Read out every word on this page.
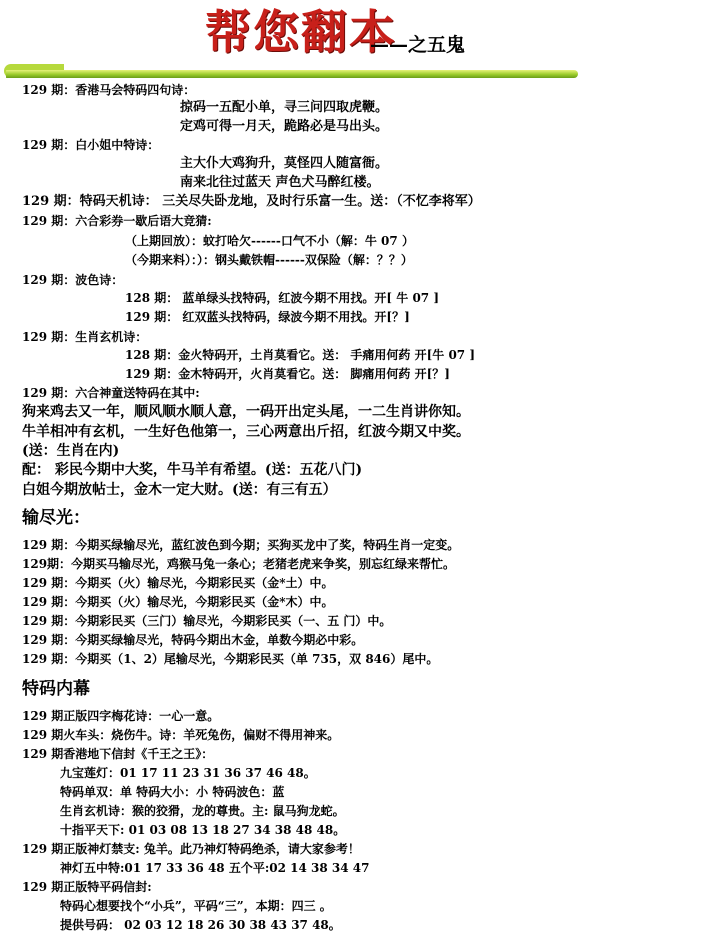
帮您翻本
——之五鬼
129 期：香港马会特码四句诗：
掠码一五配小单，寻三问四取虎鞭。
定鸡可得一月天，跪路必是马出头。
129 期：白小姐中特诗：
主大仆大鸡狗升，莫怪四人随富衙。
南来北往过蓝天 声色犬马醉红楼。
129 期：特码天机诗： 三关尽失卧龙地，及时行乐富一生。送：（不忆李将军）
129 期：六合彩券一歇后语大竞猜:
（上期回放）：蚊打哈欠------口气不小（解：牛 07 ）
（今期来料）：）：钢头戴铁帽------双保险（解：？？）
129 期：波色诗：
128 期： 蓝单绿头找特码，红波今期不用找。开[ 牛 07 ]
129 期： 红双蓝头找特码，绿波今期不用找。开[？]
129 期：生肖玄机诗：
128 期：金火特码开，土肖莫看它。送： 手痛用何药 开[牛 07 ]
129 期：金木特码开，火肖莫看它。送： 脚痛用何药 开[？]
129 期：六合神童送特码在其中:
狗来鸡去又一年，顺风顺水顺人意，一码开出定头尾，一二生肖讲你知。
牛羊相冲有玄机，一生好色他第一，三心两意出斤招，红波今期又中奖。
(送：生肖在内)
配： 彩民今期中大奖，牛马羊有希望。(送：五花八门)
白姐今期放帖士，金木一定大财。(送：有三有五）
输尽光：
129 期：今期买绿输尽光，蓝红波色到今期；买狗买龙中了奖，特码生肖一定变。
129期：今期买马输尽光，鸡猴马兔一条心；老猪老虎来争奖，别忘红绿来帮忙。
129 期：今期买（火）输尽光，今期彩民买（金*土）中。
129 期：今期买（火）输尽光，今期彩民买（金*木）中。
129 期：今期彩民买（三门）输尽光，今期彩民买（一、五 门）中。
129 期：今期买绿输尽光，特码今期出木金，单数今期必中彩。
129 期：今期买（1、2）尾输尽光，今期彩民买（单 735，双 846）尾中。
特码内幕
129 期正版四字梅花诗：一心一意。
129 期火车头：烧伤牛。诗：羊死兔伤，偏财不得用神来。
129 期香港地下信封《千王之王》：
九宝莲灯：01 17 11 23 31 36 37 46 48。
特码单双：单 特码大小：小 特码波色：蓝
生肖玄机诗：猴的狡猾，龙的尊贵。主: 鼠马狗龙蛇。
十指平天下: 01 03 08 13 18 27 34 38 48 48。
129 期正版神灯禁支: 兔羊。此乃神灯特码绝杀，请大家参考！
神灯五中特:01 17 33 36 48 五个平:02 14 38 34 47
129 期正版特平码信封:
特码心想要找个“小兵”，平码“三”，本期：四三 。
提供号码： 02 03 12 18 26 30 38 43 37 48。
